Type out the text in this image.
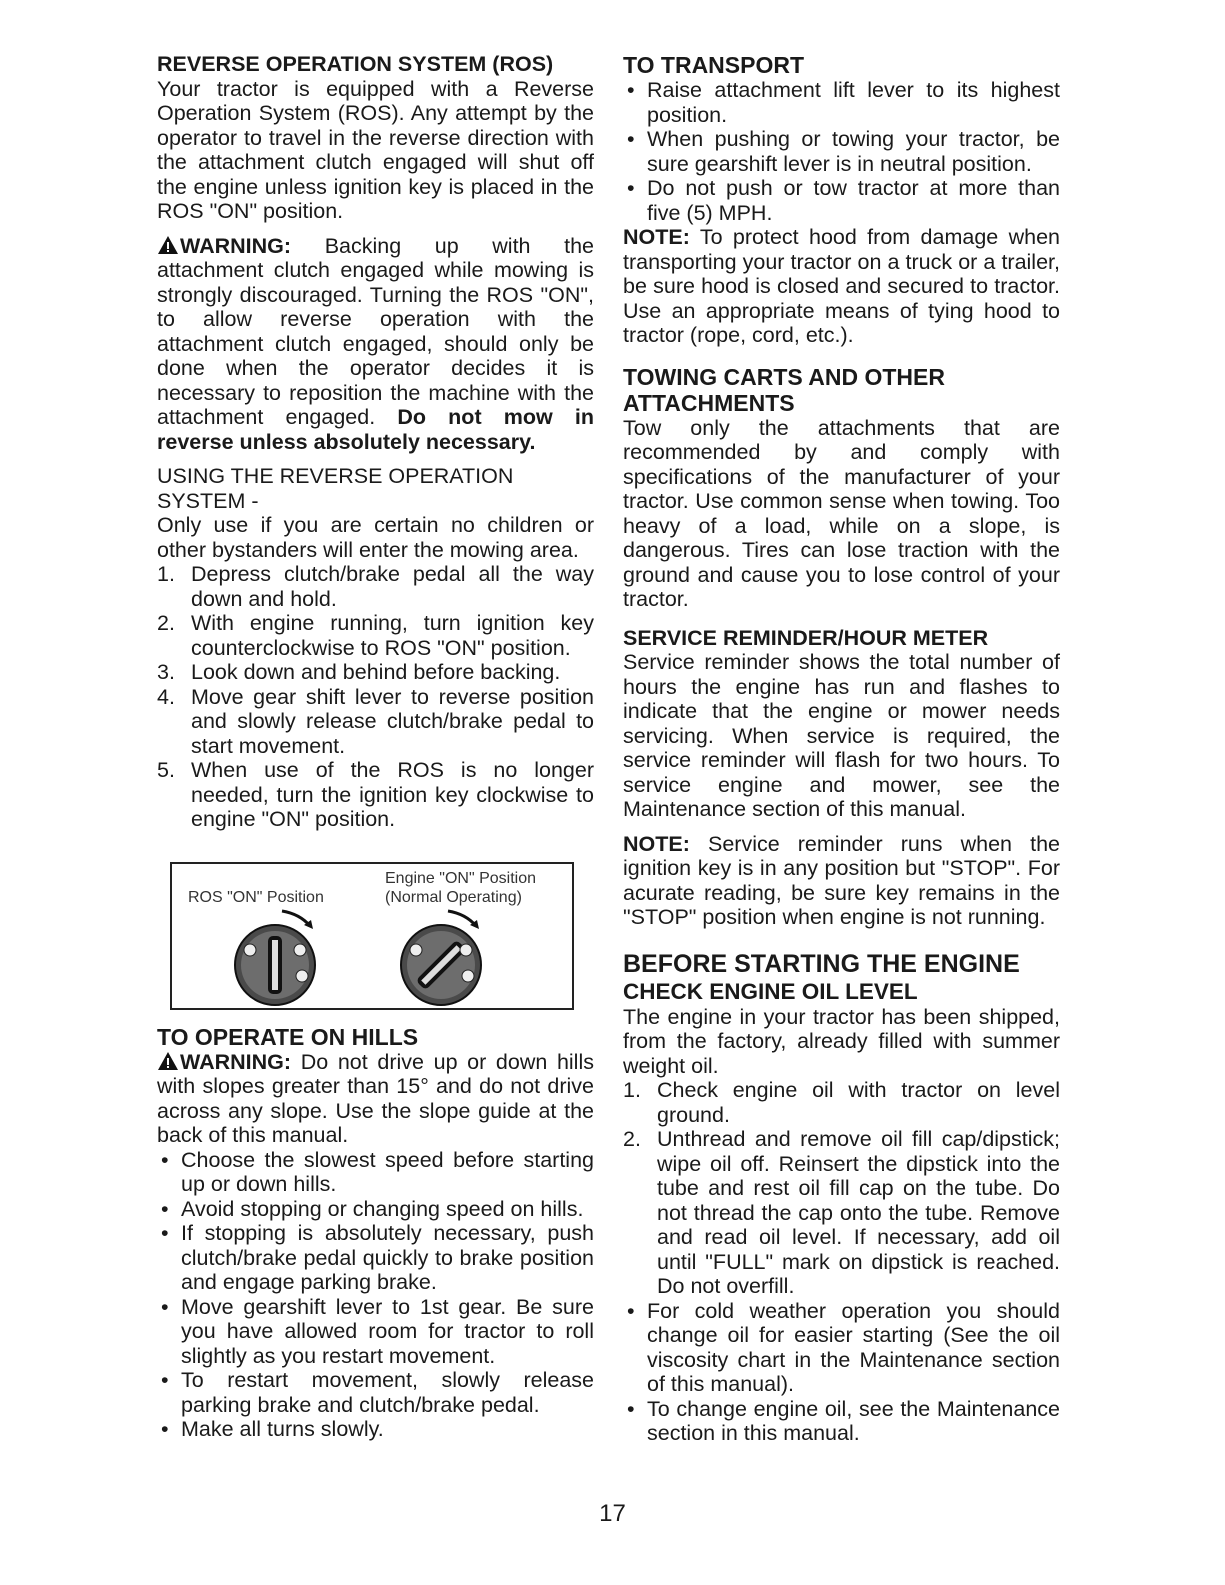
REVERSE OPERATION SYSTEM (ROS)

Your tractor is equipped with a Reverse Operation System (ROS). Any attempt by the operator to travel in the reverse direction with the attachment clutch engaged will shut off the engine unless ignition key is placed in the ROS "ON" position.

WARNING: Backing up with the attachment clutch engaged while mowing is strongly discouraged. Turning the ROS "ON", to allow reverse operation with the attachment clutch engaged, should only be done when the operator decides it is necessary to reposition the machine with the attachment engaged. Do not mow in reverse unless absolutely necessary.

USING THE REVERSE OPERATION SYSTEM -

Only use if you are certain no children or other bystanders will enter the mowing area.

1. Depress clutch/brake pedal all the way down and hold.
2. With engine running, turn ignition key counterclockwise to ROS "ON" position.
3. Look down and behind before backing.
4. Move gear shift lever to reverse position and slowly release clutch/brake pedal to start movement.
5. When use of the ROS is no longer needed, turn the ignition key clockwise to engine "ON" position.
ROS "ON" Position
Engine "ON" Position
(Normal Operating)
TO OPERATE ON HILLS

WARNING: Do not drive up or down hills with slopes greater than 15° and do not drive across any slope. Use the slope guide at the back of this manual.

• Choose the slowest speed before starting up or down hills.
• Avoid stopping or changing speed on hills.
• If stopping is absolutely necessary, push clutch/brake pedal quickly to brake position and engage parking brake.
• Move gearshift lever to 1st gear. Be sure you have allowed room for tractor to roll slightly as you restart movement.
• To restart movement, slowly release parking brake and clutch/brake pedal.
• Make all turns slowly.
TO TRANSPORT
• Raise attachment lift lever to its highest position.
• When pushing or towing your tractor, be sure gearshift lever is in neutral position.
• Do not push or tow tractor at more than five (5) MPH.

NOTE: To protect hood from damage when transporting your tractor on a truck or a trailer, be sure hood is closed and secured to tractor. Use an appropriate means of tying hood to tractor (rope, cord, etc.).

TOWING CARTS AND OTHER ATTACHMENTS

Tow only the attachments that are recommended by and comply with specifications of the manufacturer of your tractor. Use common sense when towing. Too heavy of a load, while on a slope, is dangerous. Tires can lose traction with the ground and cause you to lose control of your tractor.

SERVICE REMINDER/HOUR METER

Service reminder shows the total number of hours the engine has run and flashes to indicate that the engine or mower needs servicing. When service is required, the service reminder will flash for two hours. To service engine and mower, see the Maintenance section of this manual.

NOTE: Service reminder runs when the ignition key is in any position but "STOP". For acurate reading, be sure key remains in the "STOP" position when engine is not running.

BEFORE STARTING THE ENGINE
CHECK ENGINE OIL LEVEL

The engine in your tractor has been shipped, from the factory, already filled with summer weight oil.

1. Check engine oil with tractor on level ground.
2. Unthread and remove oil fill cap/dipstick; wipe oil off. Reinsert the dipstick into the tube and rest oil fill cap on the tube. Do not thread the cap onto the tube. Remove and read oil level. If necessary, add oil until "FULL" mark on dipstick is reached. Do not overfill.
• For cold weather operation you should change oil for easier starting (See the oil viscosity chart in the Maintenance section of this manual).
• To change engine oil, see the Maintenance section in this manual.
17
